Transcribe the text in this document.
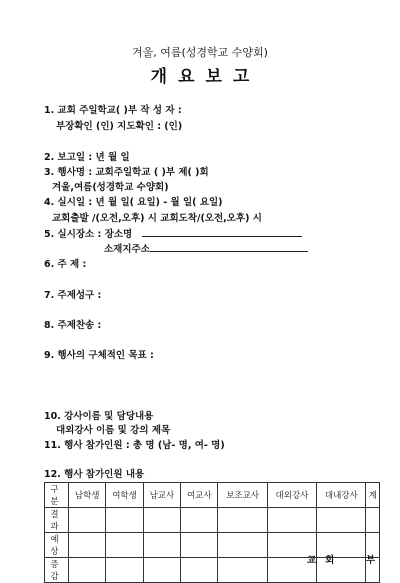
겨울, 여름(성경학교 수양회)
개요보고
1. 교회 주일학교( )부 작 성 자 :
부장확인 (인) 지도확인 : (인)
2. 보고일 : 년 월 일
3. 행사명 : 교회주일학교 ( )부 제( )회
겨울,여름(성경학교 수양회)
4. 실시일 : 년 월 일( 요일) - 월 일( 요일)
교회출발 /(오전,오후) 시 교회도착/(오전,오후) 시
5. 실시장소 : 장소명
소재지주소
6. 주 제 :
7. 주제성구 :
8. 주제찬송 :
9. 행사의 구체적인 목표 :
10. 강사이름 및 담당내용
대외강사 이름 및 강의 제목
11. 행사 참가인원 : 총 명 (남- 명, 여- 명)
12. 행사 참가인원 내용
구 분	남학생	여학생	남교사	여교사	보조교사	대외강사	대내강사	계
결 과								
예 상								
증 감								
교회 부
